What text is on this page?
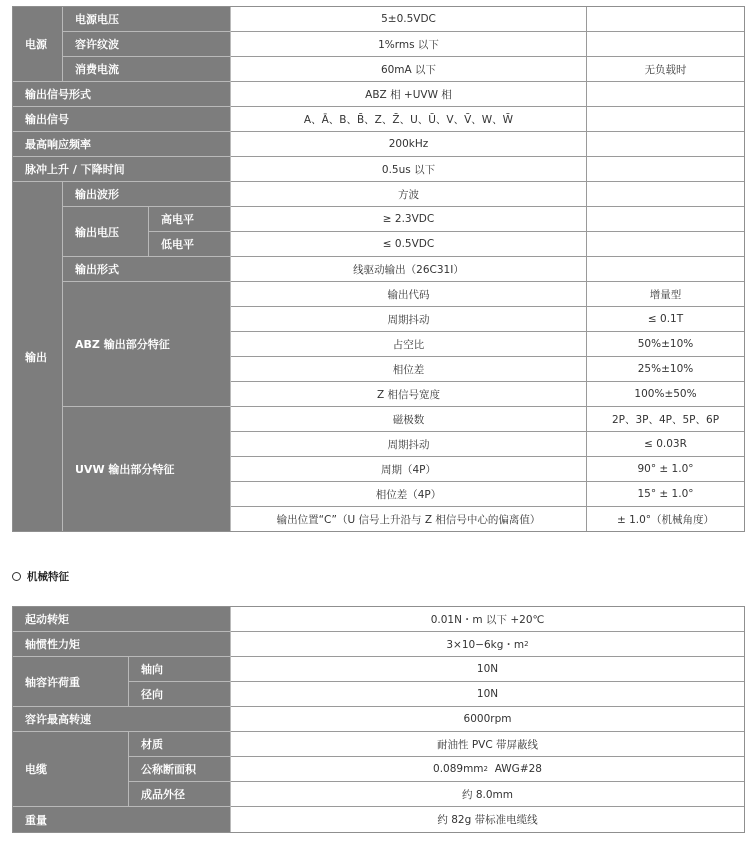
电源
电源电压	5±0.5VDC
容许纹波	1%rms 以下
消费电流	60mA 以下	无负载时
输出信号形式	ABZ 相 +UVW 相
输出信号	A、Ā、B、B̄、Z、Z̄、U、Ū、V、V̄、W、W̄
最高响应频率	200kHz
脉冲上升 / 下降时间	0.5us 以下
输出
输出波形	方波
输出电压
高电平	≥ 2.3VDC
低电平	≤ 0.5VDC
输出形式	线驱动输出（26C31I）
ABZ 输出部分特征
输出代码	增量型
周期抖动	≤ 0.1T
占空比	50%±10%
相位差	25%±10%
Z 相信号宽度	100%±50%
UVW 输出部分特征
磁极数	2P、3P、4P、5P、6P
周期抖动	≤ 0.03R
周期（4P）	90° ± 1.0°
相位差（4P）	15° ± 1.0°
输出位置“C”（U 信号上升沿与 Z 相信号中心的偏离值）	± 1.0°（机械角度）
机械特征
起动转矩	0.01N・m 以下 +20℃
轴惯性力矩	3×10−6kg・m 2
轴容许荷重
轴向	10N
径向	10N
容许最高转速	6000rpm
电缆
材质	耐油性 PVC 带屏蔽线
公称断面积	0.089mm 2 AWG#28
成品外径	约 8.0mm
重量	约 82g 带标准电缆线
